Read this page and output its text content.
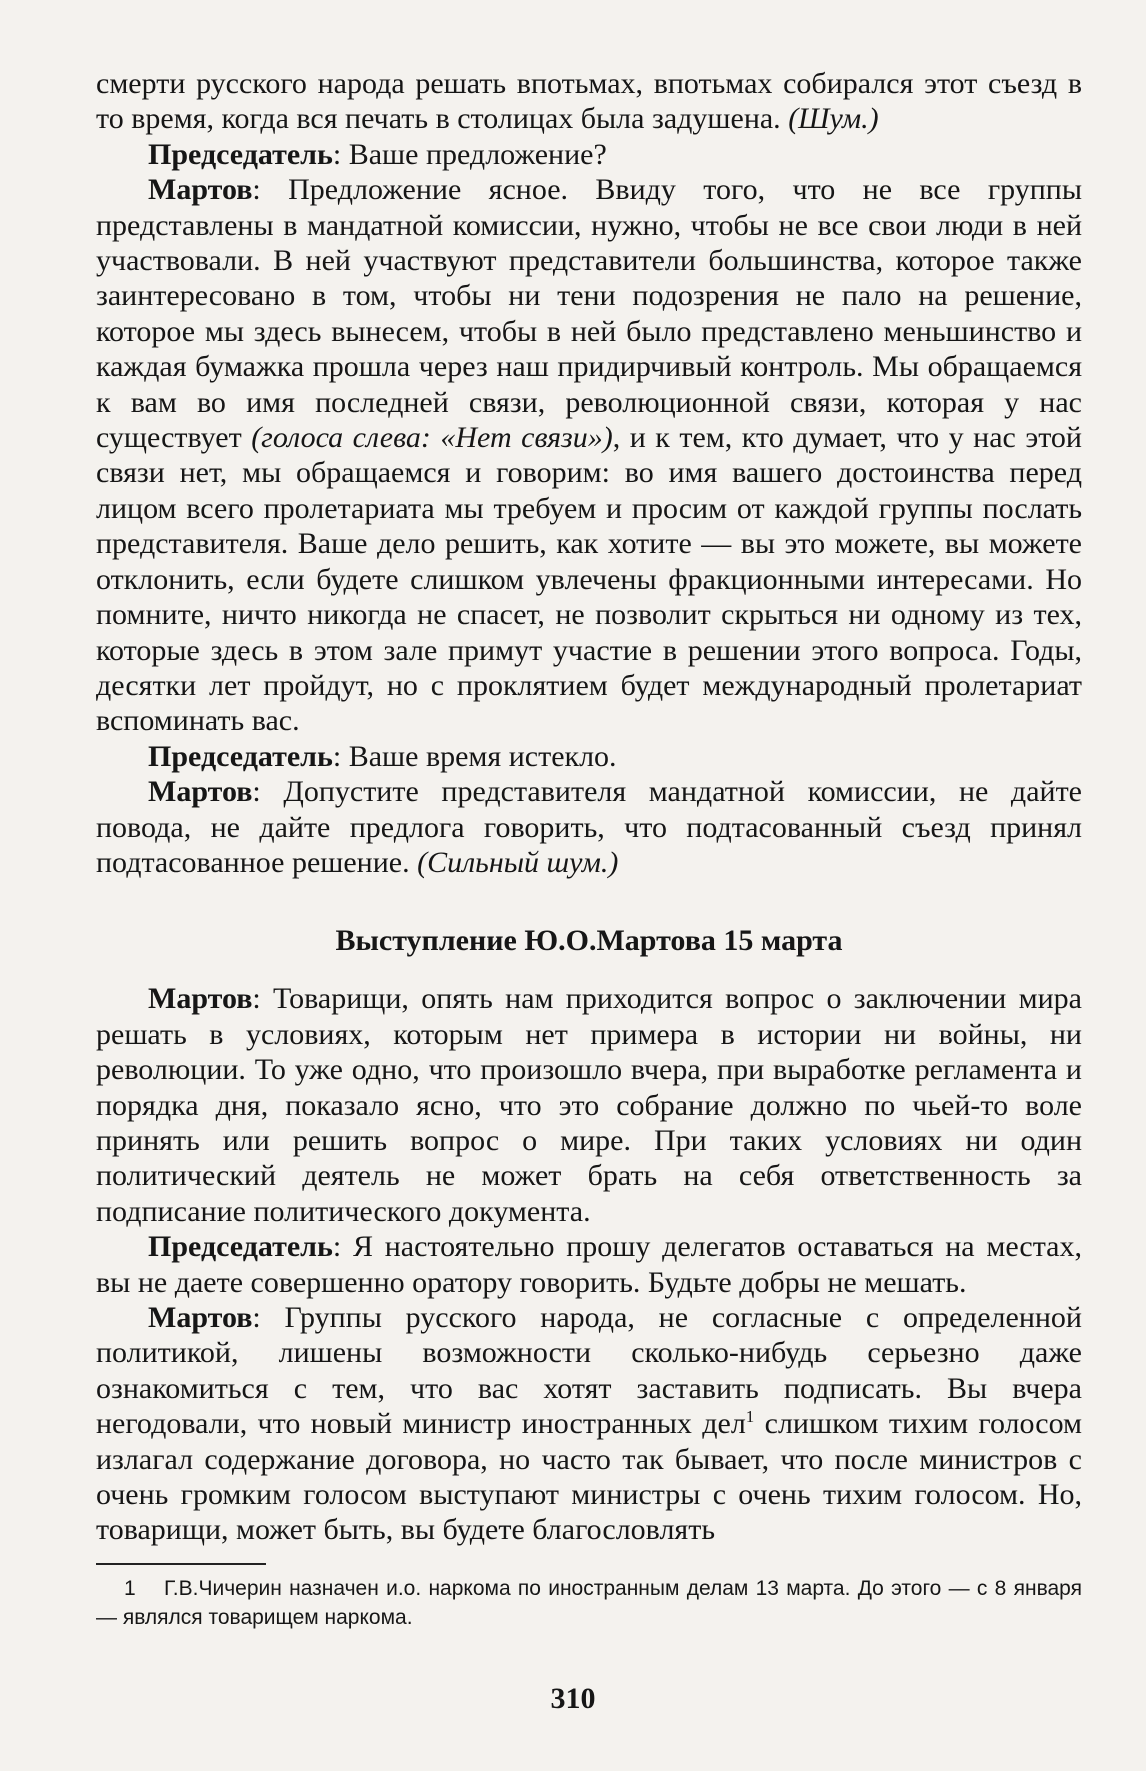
смерти русского народа решать впотьмах, впотьмах собирался этот съезд в то время, когда вся печать в столицах была задушена. (Шум.)

Председатель: Ваше предложение?

Мартов: Предложение ясное. Ввиду того, что не все группы представлены в мандатной комиссии, нужно, чтобы не все свои люди в ней участвовали. В ней участвуют представители большинства, которое также заинтересовано в том, чтобы ни тени подозрения не пало на решение, которое мы здесь вынесем, чтобы в ней было представлено меньшинство и каждая бумажка прошла через наш придирчивый контроль. Мы обращаемся к вам во имя последней связи, революционной связи, которая у нас существует (голоса слева: «Нет связи»), и к тем, кто думает, что у нас этой связи нет, мы обращаемся и говорим: во имя вашего достоинства перед лицом всего пролетариата мы требуем и просим от каждой группы послать представителя. Ваше дело решить, как хотите — вы это можете, вы можете отклонить, если будете слишком увлечены фракционными интересами. Но помните, ничто никогда не спасет, не позволит скрыться ни одному из тех, которые здесь в этом зале примут участие в решении этого вопроса. Годы, десятки лет пройдут, но с проклятием будет международный пролетариат вспоминать вас.

Председатель: Ваше время истекло.

Мартов: Допустите представителя мандатной комиссии, не дайте повода, не дайте предлога говорить, что подтасованный съезд принял подтасованное решение. (Сильный шум.)

Выступление Ю.О.Мартова 15 марта

Мартов: Товарищи, опять нам приходится вопрос о заключении мира решать в условиях, которым нет примера в истории ни войны, ни революции. То уже одно, что произошло вчера, при выработке регламента и порядка дня, показало ясно, что это собрание должно по чьей-то воле принять или решить вопрос о мире. При таких условиях ни один политический деятель не может брать на себя ответственность за подписание политического документа.

Председатель: Я настоятельно прошу делегатов оставаться на местах, вы не даете совершенно оратору говорить. Будьте добры не мешать.

Мартов: Группы русского народа, не согласные с определенной политикой, лишены возможности сколько-нибудь серьезно даже ознакомиться с тем, что вас хотят заставить подписать. Вы вчера негодовали, что новый министр иностранных дел$^1$ слишком тихим голосом излагал содержание договора, но часто так бывает, что после министров с очень громким голосом выступают министры с очень тихим голосом. Но, товарищи, может быть, вы будете благословлять

1 Г.В.Чичерин назначен и.о. наркома по иностранным делам 13 марта. До этого — с 8 января — являлся товарищем наркома.
310
